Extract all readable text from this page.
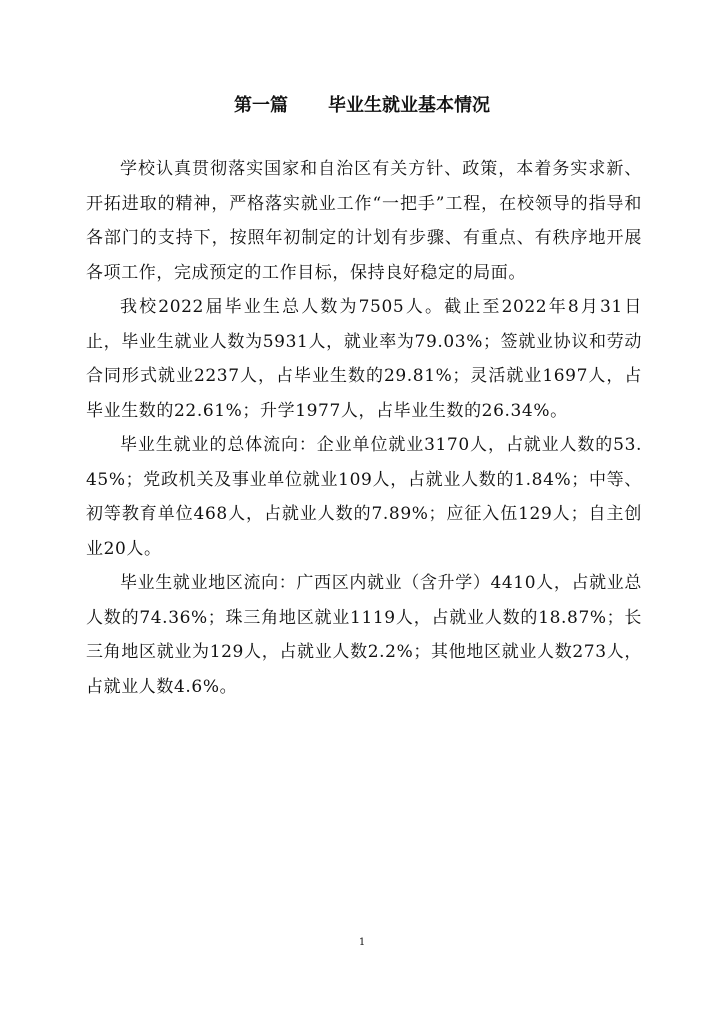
第一篇 毕业生就业基本情况

学校认真贯彻落实国家和自治区有关方针、政策，本着务实求新、开拓进取的精神，严格落实就业工作“一把手”工程，在校领导的指导和各部门的支持下，按照年初制定的计划有步骤、有重点、有秩序地开展各项工作，完成预定的工作目标，保持良好稳定的局面。

我校2022届毕业生总人数为7505人。截止至2022年8月31日止，毕业生就业人数为5931人，就业率为79.03%；签就业协议和劳动合同形式就业2237人，占毕业生数的29.81%；灵活就业1697人，占毕业生数的22.61%；升学1977人，占毕业生数的26.34%。

毕业生就业的总体流向：企业单位就业3170人，占就业人数的53.45%；党政机关及事业单位就业109人，占就业人数的1.84%；中等、初等教育单位468人，占就业人数的7.89%；应征入伍129人；自主创业20人。

毕业生就业地区流向：广西区内就业（含升学）4410人，占就业总人数的74.36%；珠三角地区就业1119人，占就业人数的18.87%；长三角地区就业为129人，占就业人数2.2%；其他地区就业人数273人，占就业人数4.6%。

1
